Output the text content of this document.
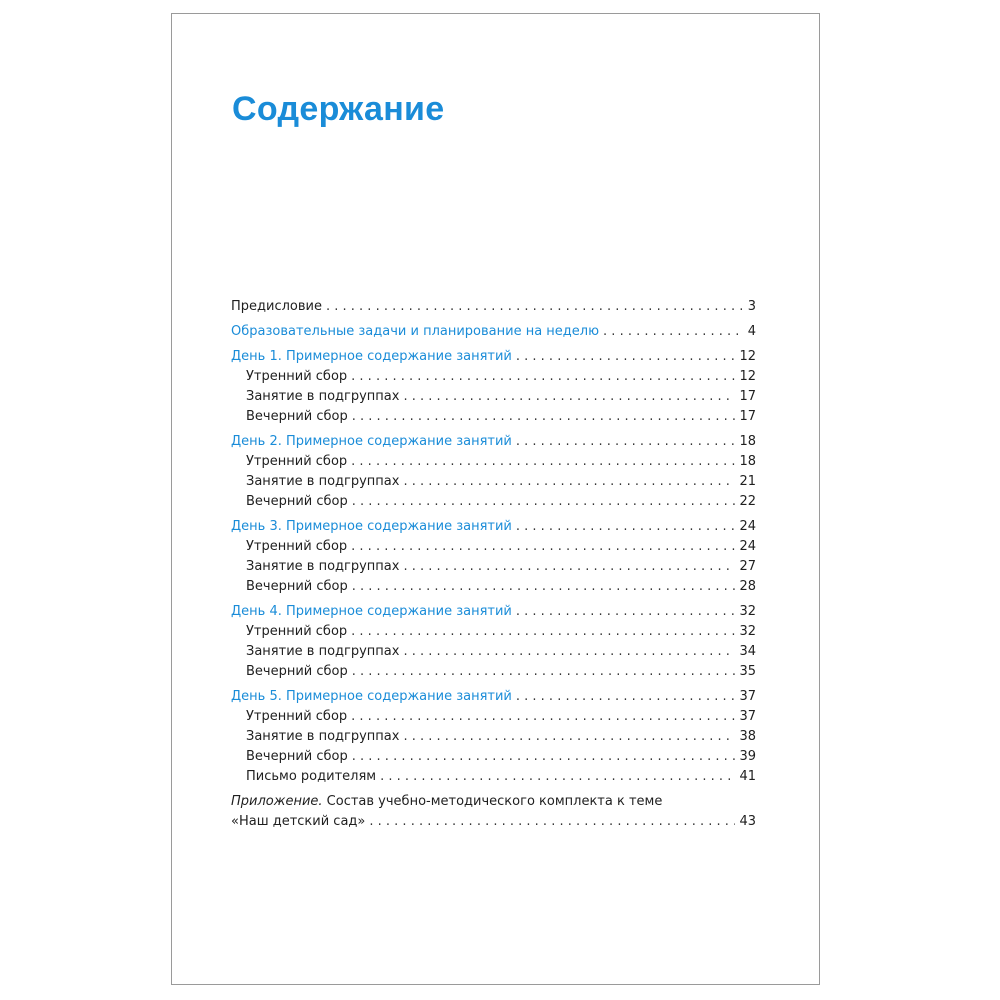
Содержание
Предисловие . . .	3
Образовательные задачи и планирование на неделю . . .	4
День 1. Примерное содержание занятий . . .	12
Утренний сбор . . .	12
Занятие в подгруппах . . .	17
Вечерний сбор . . .	17
День 2. Примерное содержание занятий . . .	18
Утренний сбор . . .	18
Занятие в подгруппах . . .	21
Вечерний сбор . . .	22
День 3. Примерное содержание занятий . . .	24
Утренний сбор . . .	24
Занятие в подгруппах . . .	27
Вечерний сбор . . .	28
День 4. Примерное содержание занятий . . .	32
Утренний сбор . . .	32
Занятие в подгруппах . . .	34
Вечерний сбор . . .	35
День 5. Примерное содержание занятий . . .	37
Утренний сбор . . .	37
Занятие в подгруппах . . .	38
Вечерний сбор . . .	39
Письмо родителям . . .	41
Приложение. Состав учебно-методического комплекта к теме
«Наш детский сад» . . .	43
